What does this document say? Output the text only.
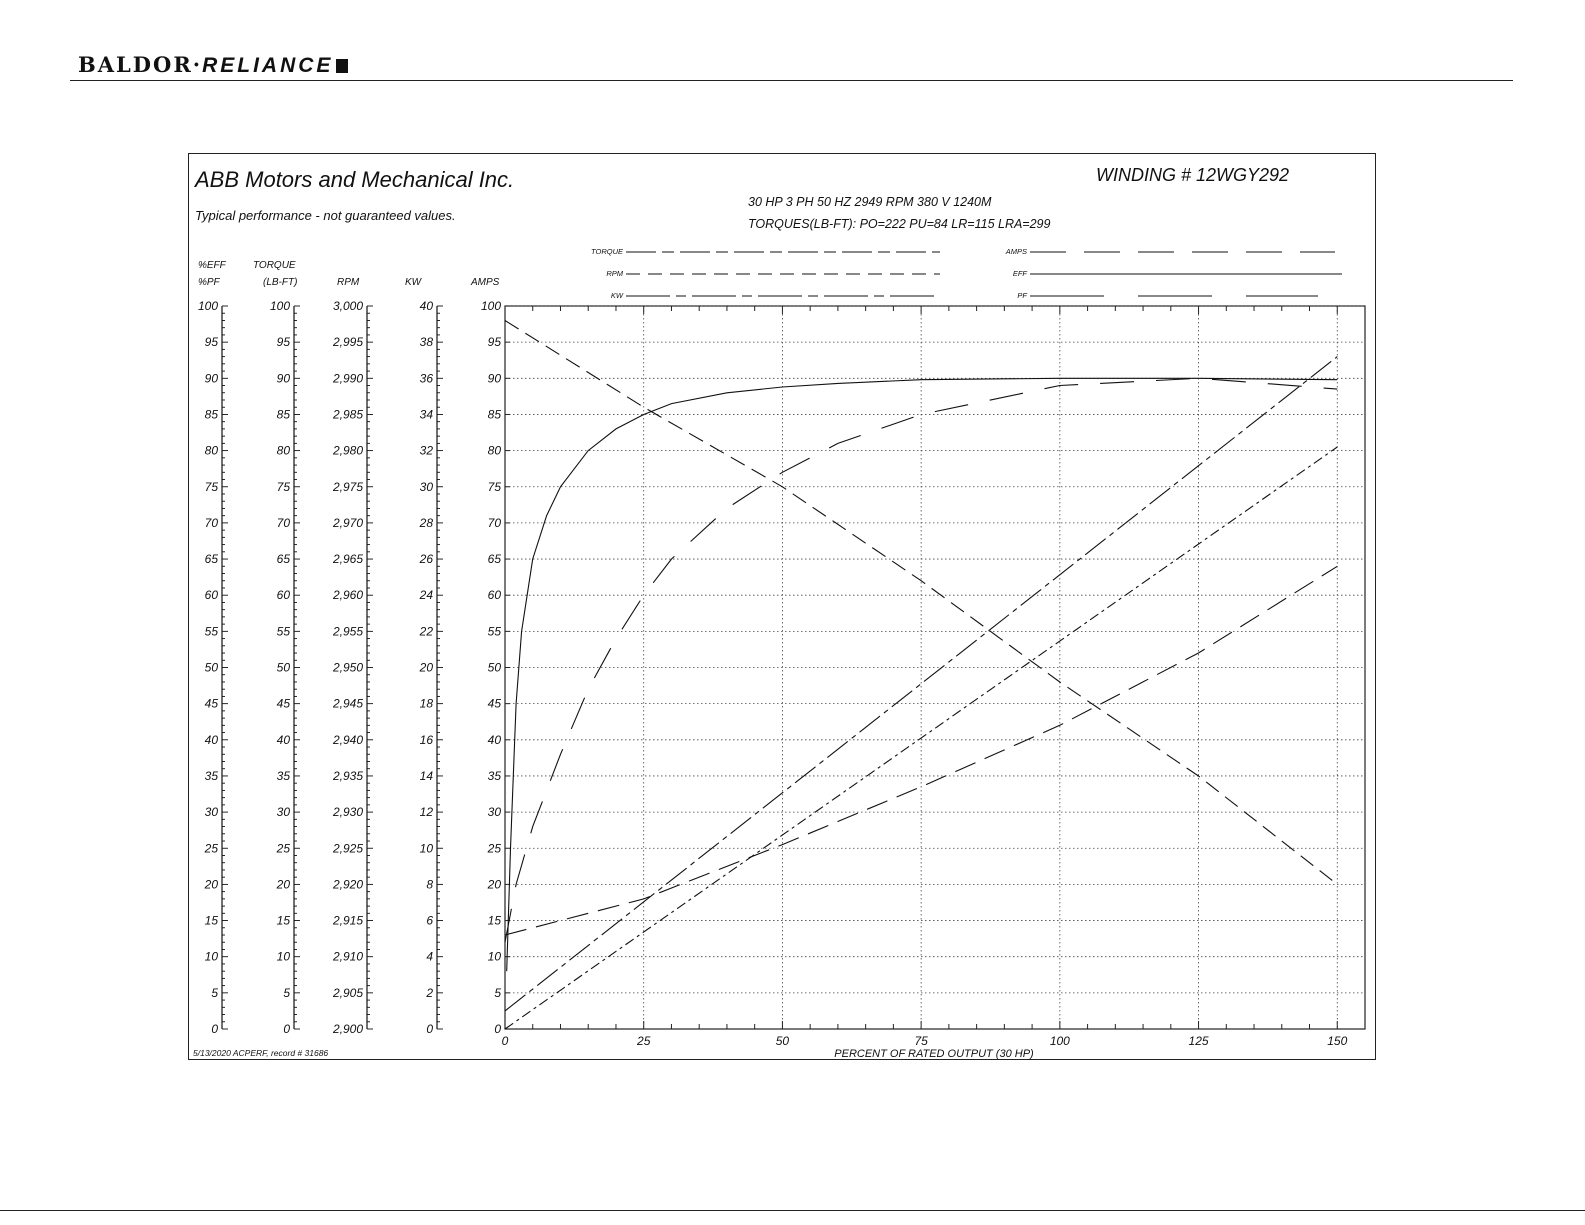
BALDOR·RELIANCE
ABB Motors and Mechanical Inc.
Typical performance - not guaranteed values.
WINDING # 12WGY292
30 HP 3 PH 50 HZ 2949 RPM 380 V 1240M
TORQUES(LB-FT): PO=222 PU=84 LR=115 LRA=299
5/13/2020 ACPERF, record # 31686
%EFF
%PF
TORQUE
(LB-FT)	RPM	KW	AMPS
TORQUE
RPM
KW
AMPS
EFF
PF
PERCENT OF RATED OUTPUT (30 HP)
0	25	50	75	100	125	150
0
5
10
15
20
25
30
35
40
45
50
55
60
65
70
75
80
85
90
95
100
0
5
10
15
20
25
30
35
40
45
50
55
60
65
70
75
80
85
90
95
100
0
5
10
15
20
25
30
35
40
45
50
55
60
65
70
75
80
85
90
95
100
2,900
2,905
2,910
2,915
2,920
2,925
2,930
2,935
2,940
2,945
2,950
2,955
2,960
2,965
2,970
2,975
2,980
2,985
2,990
2,995
3,000
0
2
4
6
8
10
12
14
16
18
20
22
24
26
28
30
32
34
36
38
40
